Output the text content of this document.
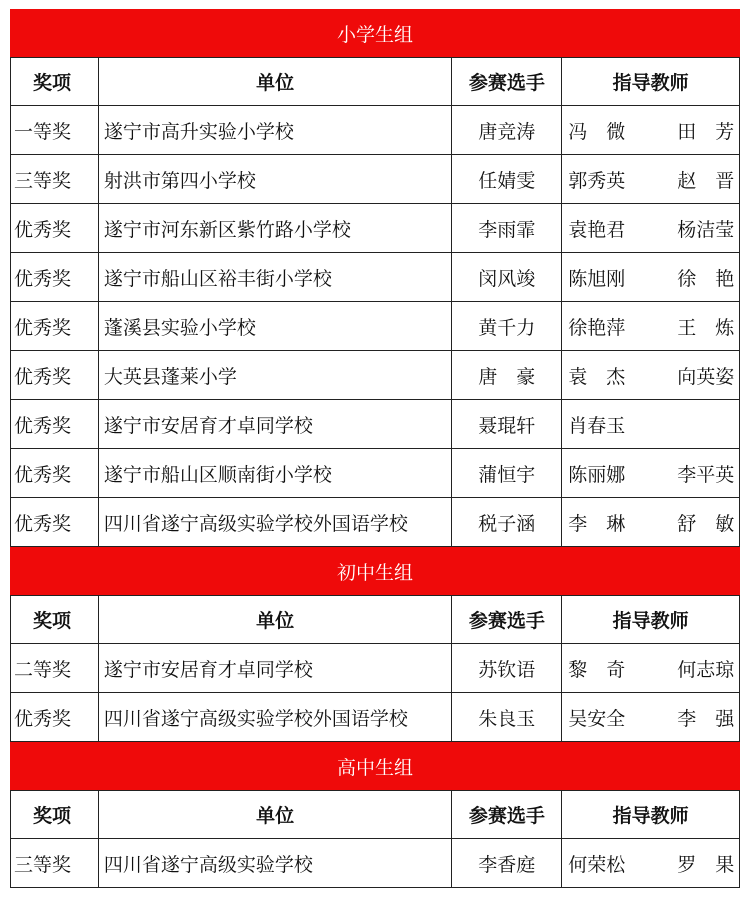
小学生组
奖项	单位	参赛选手	指导教师
一等奖	遂宁市高升实验小学校	唐竞涛	冯　微	田　芳
三等奖	射洪市第四小学校	任婧雯	郭秀英	赵　晋
优秀奖	遂宁市河东新区紫竹路小学校	李雨霏	袁艳君	杨洁莹
优秀奖	遂宁市船山区裕丰街小学校	闵风竣	陈旭刚	徐　艳
优秀奖	蓬溪县实验小学校	黄千力	徐艳萍	王　炼
优秀奖	大英县蓬莱小学	唐　豪	袁　杰	向英姿
优秀奖	遂宁市安居育才卓同学校	聂琨轩	肖春玉
优秀奖	遂宁市船山区顺南街小学校	蒲恒宇	陈丽娜	李平英
优秀奖	四川省遂宁高级实验学校外国语学校	税子涵	李　琳	舒　敏
初中生组
奖项	单位	参赛选手	指导教师
二等奖	遂宁市安居育才卓同学校	苏钦语	黎　奇	何志琼
优秀奖	四川省遂宁高级实验学校外国语学校	朱良玉	吴安全	李　强
高中生组
奖项	单位	参赛选手	指导教师
三等奖	四川省遂宁高级实验学校	李香庭	何荣松	罗　果
